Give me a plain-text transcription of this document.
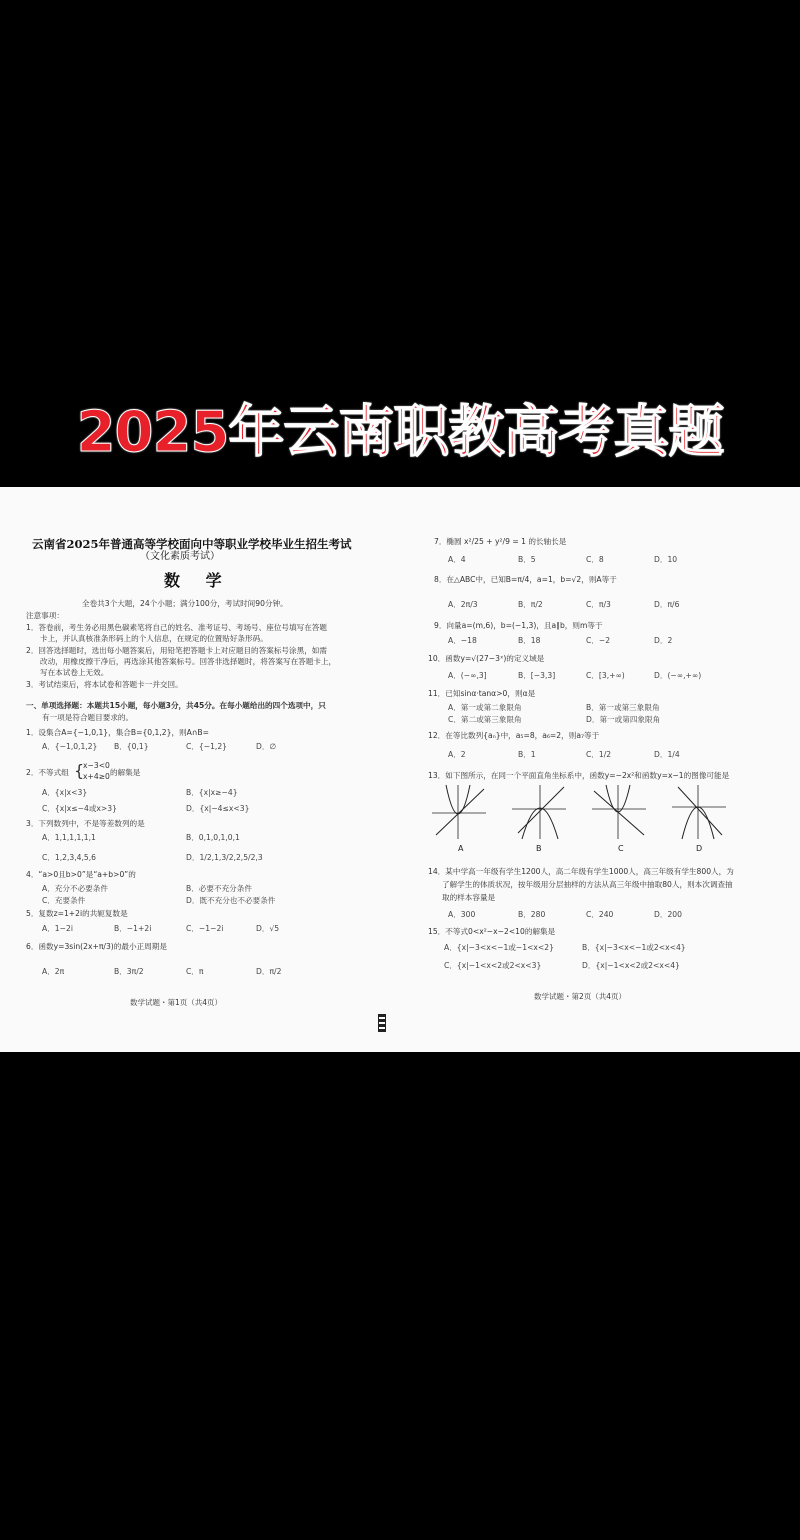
2025年云南职教高考真题
云南省2025年普通高等学校面向中等职业学校毕业生招生考试
（文化素质考试）
数 学
全卷共3个大题，24个小题；满分100分，考试时间90分钟。
注意事项：
1．答卷前，考生务必用黑色碳素笔将自己的姓名、准考证号、考场号、座位号填写在答题
卡上，并认真核准条形码上的个人信息，在规定的位置贴好条形码。
2．回答选择题时，选出每小题答案后，用铅笔把答题卡上对应题目的答案标号涂黑，如需
改动，用橡皮擦干净后，再选涂其他答案标号。回答非选择题时，将答案写在答题卡上，
写在本试卷上无效。
3．考试结束后，将本试卷和答题卡一并交回。
一、单项选择题：本题共15小题，每小题3分，共45分。在每小题给出的四个选项中，只
有一项是符合题目要求的。
1．设集合A={−1,0,1}，集合B={0,1,2}，则A∩B=
A．{−1,0,1,2} B．{0,1}	C．{−1,2}	D．∅
2．不等式组 {
x−3<0
x+4≥0 的解集是
A．{x|x<3}	B．{x|x≥−4}
C．{x|x≤−4或x>3}	D．{x|−4≤x<3}
3．下列数列中，不是等差数列的是
A．1,1,1,1,1,1	B．0,1,0,1,0,1
C．1,2,3,4,5,6	D．1/2,1,3/2,2,5/2,3
4．“a>0且b>0”是“a+b>0”的
A．充分不必要条件	B．必要不充分条件
C．充要条件	D．既不充分也不必要条件
5．复数z=1+2i的共轭复数是
A．1−2i	B．−1+2i	C．−1−2i	D．√5
6．函数y=3sin(2x+π/3)的最小正周期是
A．2π	B．3π/2	C．π	D．π/2
数学试题・第1页（共4页）
7．椭圆 x²/25 + y²/9 = 1 的长轴长是
A．4	B．5	C．8	D．10
8．在△ABC中，已知B=π/4，a=1，b=√2，则A等于
A．2π/3	B．π/2	C．π/3	D．π/6
9．向量a=(m,6)，b=(−1,3)，且a∥b，则m等于
A．−18	B．18	C．−2	D．2
10．函数y=√(27−3ˣ)的定义域是
A．(−∞,3]	B．[−3,3]	C．[3,+∞)	D．(−∞,+∞)
11．已知sinα·tanα>0，则α是
A．第一或第二象限角	B．第一或第三象限角
C．第二或第三象限角	D．第一或第四象限角
12．在等比数列{aₙ}中，a₅=8，a₆=2，则a₇等于
A．2	B．1	C．1/2	D．1/4
13．如下图所示，在同一个平面直角坐标系中，函数y=−2x²和函数y=x−1的图像可能是
A	B	C	D
14．某中学高一年级有学生1200人，高二年级有学生1000人，高三年级有学生800人，为
了解学生的体质状况，按年级用分层抽样的方法从高三年级中抽取80人，则本次调查抽
取的样本容量是
A．300	B．280	C．240	D．200
15．不等式0<x²−x−2<10的解集是
A．{x|−3<x<−1或−1<x<2}	B．{x|−3<x<−1或2<x<4}
C．{x|−1<x<2或2<x<3}	D．{x|−1<x<2或2<x<4}
数学试题・第2页（共4页）
